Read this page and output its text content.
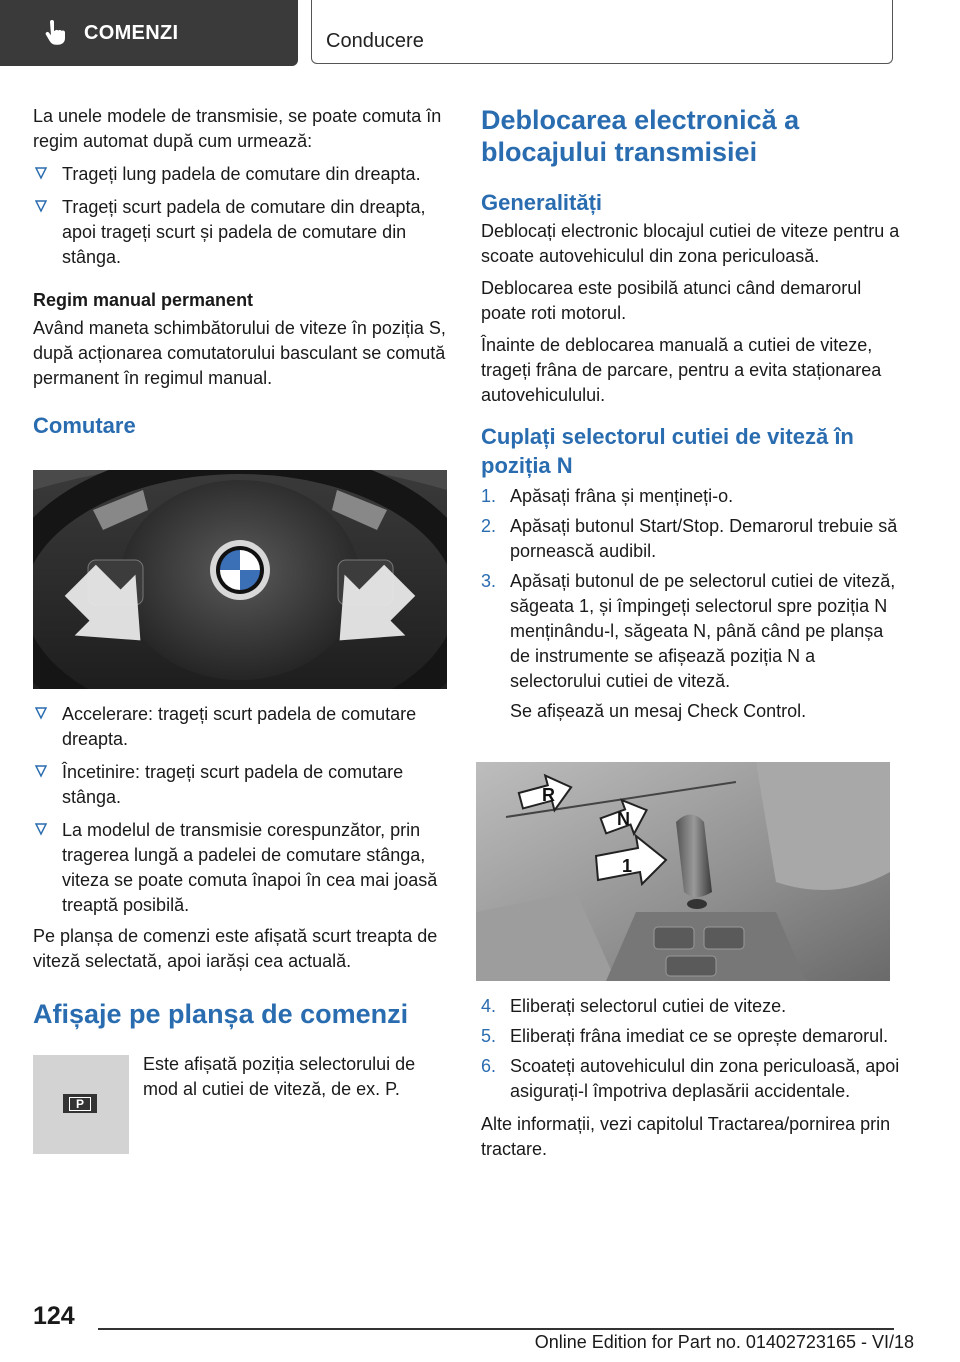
COMENZI	Conducere

La unele modele de transmisie, se poate comuta în regim automat după cum urmează:

Trageți lung padela de comutare din dreapta.

Trageți scurt padela de comutare din dreapta, apoi trageți scurt și padela de comutare din stânga.

Regim manual permanent

Având maneta schimbătorului de viteze în poziția S, după acționarea comutatorului basculant se comută permanent în regimul manual.

Comutare

Accelerare: trageți scurt padela de comutare dreapta.

Încetinire: trageți scurt padela de comutare stânga.

La modelul de transmisie corespunzător, prin tragerea lungă a padelei de comutare stânga, viteza se poate comuta înapoi în cea mai joasă treaptă posibilă.

Pe planșa de comenzi este afișată scurt treapta de viteză selectată, apoi iarăși cea actuală.

Afișaje pe planșa de comenzi
P

Este afișată poziția selectorului de mod al cutiei de viteză, de ex. P.

Deblocarea electronică a blocajului transmisiei
Generalități

Deblocați electronic blocajul cutiei de viteze pentru a scoate autovehiculul din zona periculoasă.

Deblocarea este posibilă atunci când demarorul poate roti motorul.

Înainte de deblocarea manuală a cutiei de viteze, trageți frâna de parcare, pentru a evita staționarea autovehiculului.

Cuplați selectorul cutiei de viteză în poziția N
1. Apăsați frâna și mențineți-o.

2. Apăsați butonul Start/Stop. Demarorul trebuie să pornească audibil.

3. Apăsați butonul de pe selectorul cutiei de viteză, săgeata 1, și împingeți selectorul spre poziția N menținându-l, săgeata N, până când pe planșa de instrumente se afișează poziția N a selectorului cutiei de viteză.

Se afișează un mesaj Check Control.

R
N
1
4. Eliberați selectorul cutiei de viteze.

5. Eliberați frâna imediat ce se oprește demarorul.

6. Scoateți autovehiculul din zona periculoasă, apoi asigurați-l împotriva deplasării accidentale.

Alte informații, vezi capitolul Tractarea/pornirea prin tractare.

124
Online Edition for Part no. 01402723165 - VI/18
